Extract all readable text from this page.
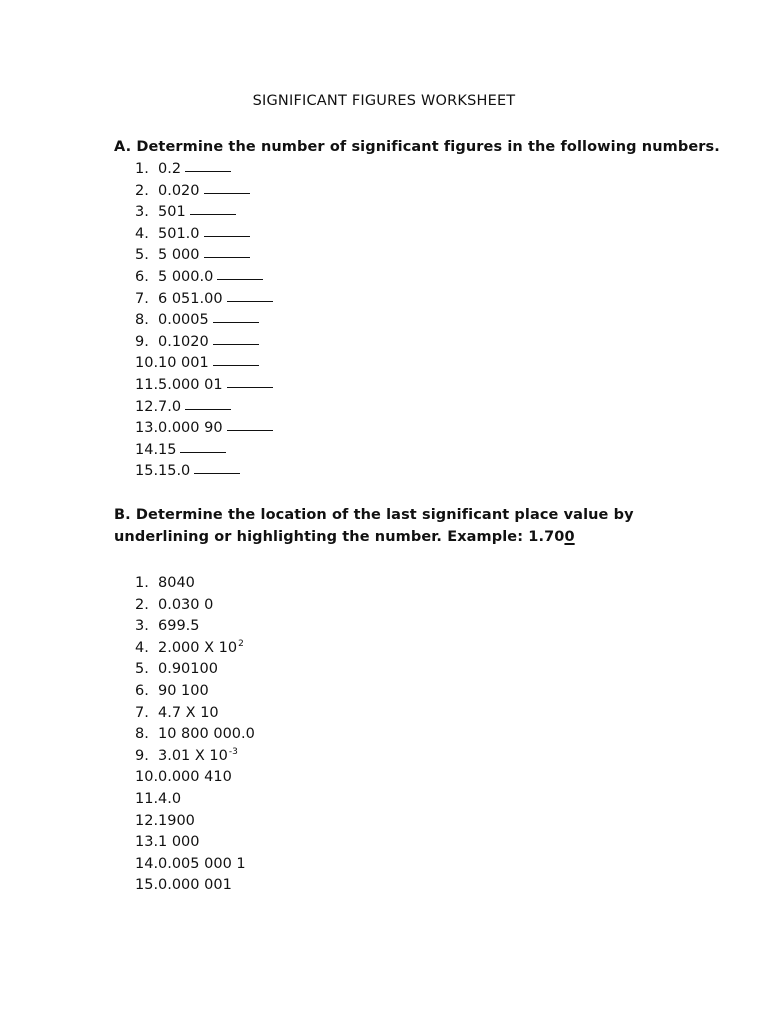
SIGNIFICANT FIGURES WORKSHEET
A. Determine the number of significant figures in the following numbers.
1. 0.2
2. 0.020
3. 501
4. 501.0
5. 5 000
6. 5 000.0
7. 6 051.00
8. 0.0005
9. 0.1020
10.10 001
11.5.000 01
12.7.0
13.0.000 90
14.15
15.15.0
B. Determine the location of the last significant place value by
underlining or highlighting the number. Example: 1.700
1. 8040
2. 0.030 0
3. 699.5
4. 2.000 X $10^2$
5. 0.90100
6. 90 100
7. 4.7 X 10
8. 10 800 000.0
9. 3.01 X $10^{-3}$
10.0.000 410
11.4.0
12.1900
13.1 000
14.0.005 000 1
15.0.000 001
